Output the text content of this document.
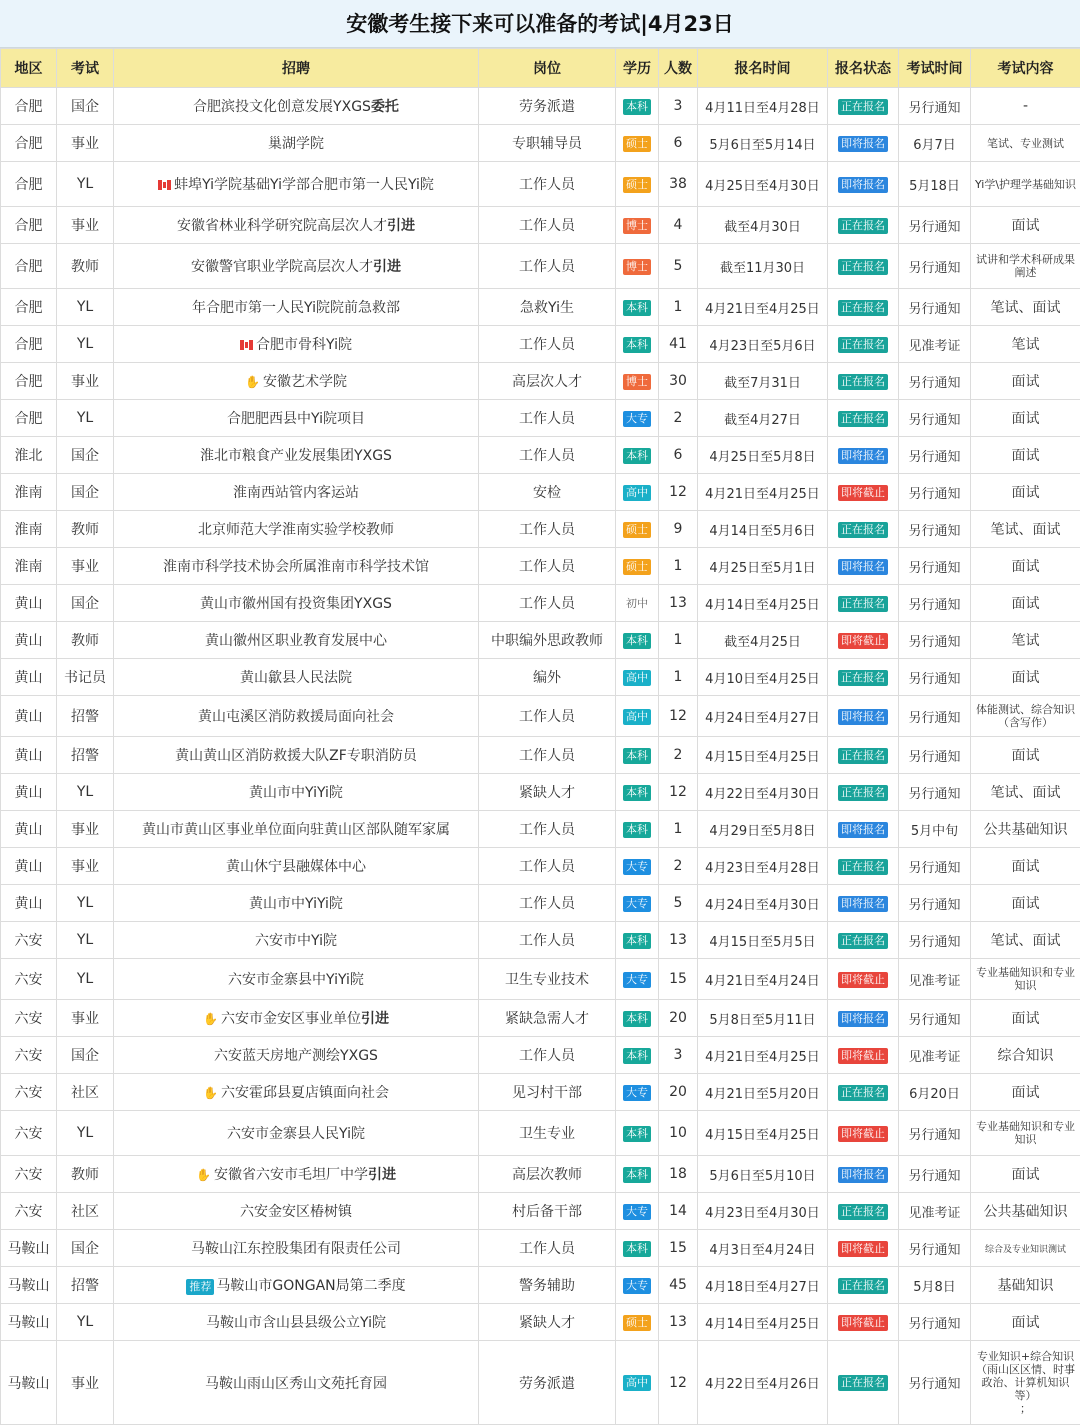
安徽考生接下来可以准备的考试|4月23日
地区	考试	招聘	岗位	学历	人数	报名时间	报名状态	考试时间	考试内容
合肥	国企	合肥滨投文化创意发展YXGS委托	劳务派遣	本科	3	4月11日至4月28日	正在报名	另行通知	-
合肥	事业	巢湖学院	专职辅导员	硕士	6	5月6日至5月14日	即将报名	6月7日	笔试、专业测试
合肥	YL	蚌埠Yi学院基础Yi学部合肥市第一人民Yi院	工作人员	硕士	38	4月25日至4月30日	即将报名	5月18日	Yi学\护理学基础知识
合肥	事业	安徽省林业科学研究院高层次人才引进	工作人员	博士	4	截至4月30日	正在报名	另行通知	面试
合肥	教师	安徽警官职业学院高层次人才引进	工作人员	博士	5	截至11月30日	正在报名	另行通知	试讲和学术科研成果阐述
合肥	YL	年合肥市第一人民Yi院院前急救部	急救Yi生	本科	1	4月21日至4月25日	正在报名	另行通知	笔试、面试
合肥	YL	合肥市骨科Yi院	工作人员	本科	41	4月23日至5月6日	正在报名	见准考证	笔试
合肥	事业	✋ 安徽艺术学院	高层次人才	博士	30	截至7月31日	正在报名	另行通知	面试
合肥	YL	合肥肥西县中Yi院项目	工作人员	大专	2	截至4月27日	正在报名	另行通知	面试
淮北	国企	淮北市粮食产业发展集团YXGS	工作人员	本科	6	4月25日至5月8日	即将报名	另行通知	面试
淮南	国企	淮南西站管内客运站	安检	高中	12	4月21日至4月25日	即将截止	另行通知	面试
淮南	教师	北京师范大学淮南实验学校教师	工作人员	硕士	9	4月14日至5月6日	正在报名	另行通知	笔试、面试
淮南	事业	淮南市科学技术协会所属淮南市科学技术馆	工作人员	硕士	1	4月25日至5月1日	即将报名	另行通知	面试
黄山	国企	黄山市徽州国有投资集团YXGS	工作人员	初中	13	4月14日至4月25日	正在报名	另行通知	面试
黄山	教师	黄山徽州区职业教育发展中心	中职编外思政教师	本科	1	截至4月25日	即将截止	另行通知	笔试
黄山	书记员	黄山歙县人民法院	编外	高中	1	4月10日至4月25日	正在报名	另行通知	面试
黄山	招警	黄山屯溪区消防救援局面向社会	工作人员	高中	12	4月24日至4月27日	即将报名	另行通知	体能测试、综合知识（含写作）
黄山	招警	黄山黄山区消防救援大队ZF专职消防员	工作人员	本科	2	4月15日至4月25日	正在报名	另行通知	面试
黄山	YL	黄山市中YiYi院	紧缺人才	本科	12	4月22日至4月30日	正在报名	另行通知	笔试、面试
黄山	事业	黄山市黄山区事业单位面向驻黄山区部队随军家属	工作人员	本科	1	4月29日至5月8日	即将报名	5月中旬	公共基础知识
黄山	事业	黄山休宁县融媒体中心	工作人员	大专	2	4月23日至4月28日	正在报名	另行通知	面试
黄山	YL	黄山市中YiYi院	工作人员	大专	5	4月24日至4月30日	即将报名	另行通知	面试
六安	YL	六安市中Yi院	工作人员	本科	13	4月15日至5月5日	正在报名	另行通知	笔试、面试
六安	YL	六安市金寨县中YiYi院	卫生专业技术	大专	15	4月21日至4月24日	即将截止	见准考证	专业基础知识和专业知识
六安	事业	✋ 六安市金安区事业单位引进	紧缺急需人才	本科	20	5月8日至5月11日	即将报名	另行通知	面试
六安	国企	六安蓝天房地产测绘YXGS	工作人员	本科	3	4月21日至4月25日	即将截止	见准考证	综合知识
六安	社区	✋ 六安霍邱县夏店镇面向社会	见习村干部	大专	20	4月21日至5月20日	正在报名	6月20日	面试
六安	YL	六安市金寨县人民Yi院	卫生专业	本科	10	4月15日至4月25日	即将截止	另行通知	专业基础知识和专业知识
六安	教师	✋ 安徽省六安市毛坦厂中学引进	高层次教师	本科	18	5月6日至5月10日	即将报名	另行通知	面试
六安	社区	六安金安区椿树镇	村后备干部	大专	14	4月23日至4月30日	正在报名	见准考证	公共基础知识
马鞍山	国企	马鞍山江东控股集团有限责任公司	工作人员	本科	15	4月3日至4月24日	即将截止	另行通知	综合及专业知识测试
马鞍山	招警	推荐 马鞍山市GONGAN局第二季度	警务辅助	大专	45	4月18日至4月27日	正在报名	5月8日	基础知识
马鞍山	YL	马鞍山市含山县县级公立Yi院	紧缺人才	硕士	13	4月14日至4月25日	即将截止	另行通知	面试
马鞍山	事业	马鞍山雨山区秀山文苑托育园	劳务派遣	高中	12	4月22日至4月26日	正在报名	另行通知	专业知识+综合知识（雨山区区情、时事政治、计算机知识等）
；
